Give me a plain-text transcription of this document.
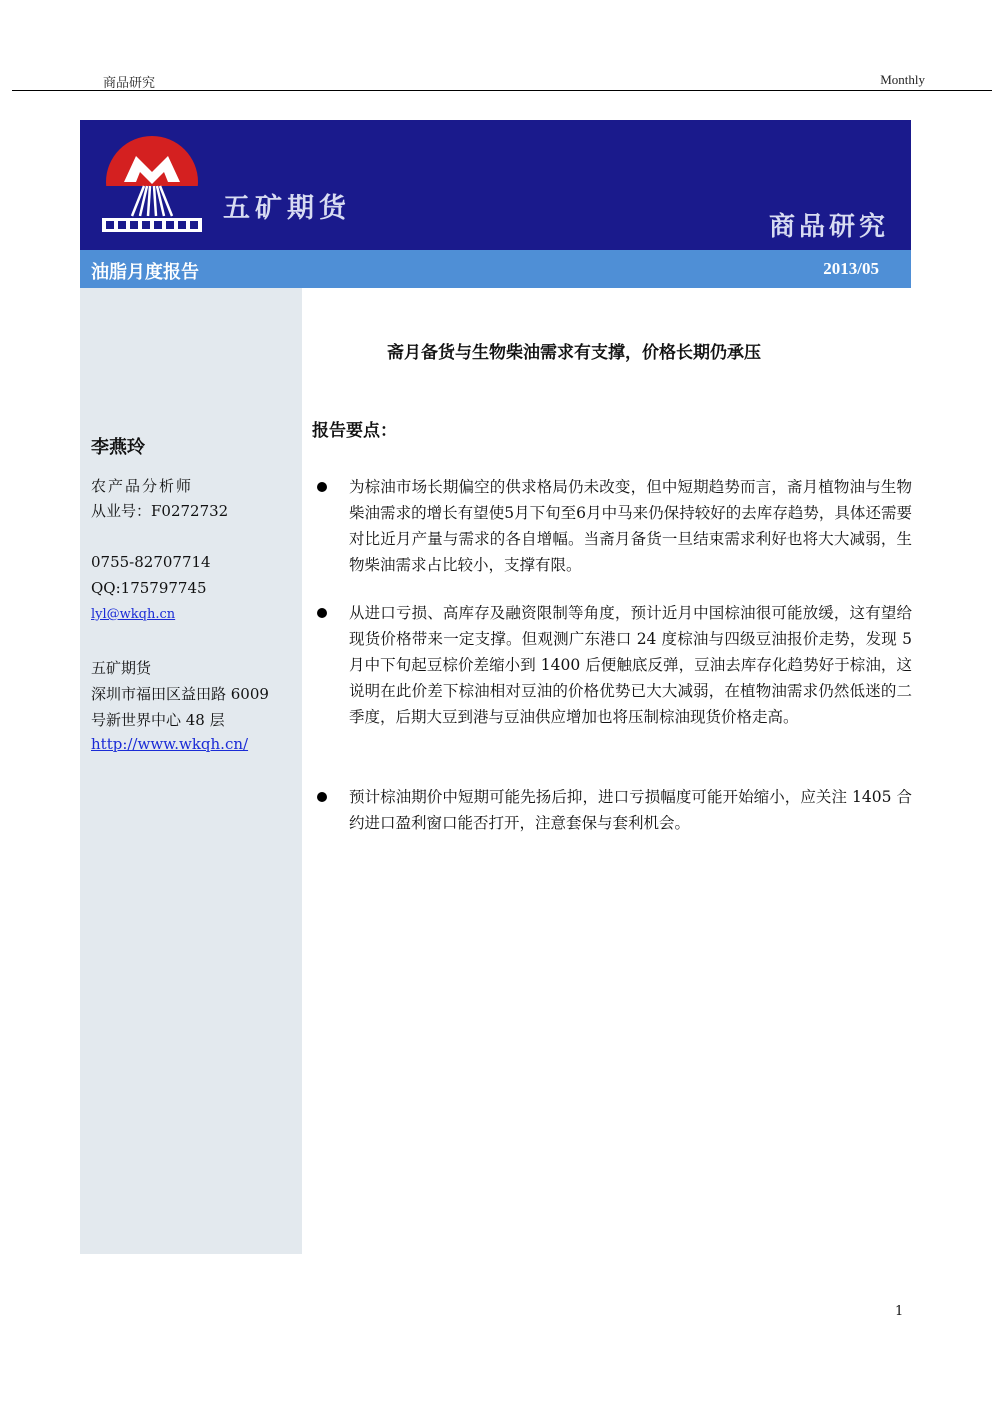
商品研究	Monthly
五矿期货
商品研究
油脂月度报告	2013/05
李燕玲
农产品分析师
从业号：F0272732
0755-82707714
QQ:175797745
lyl@wkqh.cn
五矿期货
深圳市福田区益田路 6009
号新世界中心 48 层
http://www.wkqh.cn/
斋月备货与生物柴油需求有支撑，价格长期仍承压
报告要点：
为棕油市场长期偏空的供求格局仍未改变，但中短期趋势而言，斋月植物油与生物柴油需求的增长有望使5月下旬至6月中马来仍保持较好的去库存趋势，具体还需要对比近月产量与需求的各自增幅。当斋月备货一旦结束需求利好也将大大减弱，生物柴油需求占比较小，支撑有限。
从进口亏损、高库存及融资限制等角度，预计近月中国棕油很可能放缓，这有望给现货价格带来一定支撑。但观测广东港口 24 度棕油与四级豆油报价走势，发现 5 月中下旬起豆棕价差缩小到 1400 后便触底反弹，豆油去库存化趋势好于棕油，这说明在此价差下棕油相对豆油的价格优势已大大减弱，在植物油需求仍然低迷的二季度，后期大豆到港与豆油供应增加也将压制棕油现货价格走高。
预计棕油期价中短期可能先扬后抑，进口亏损幅度可能开始缩小，应关注 1405 合约进口盈利窗口能否打开，注意套保与套利机会。
1
